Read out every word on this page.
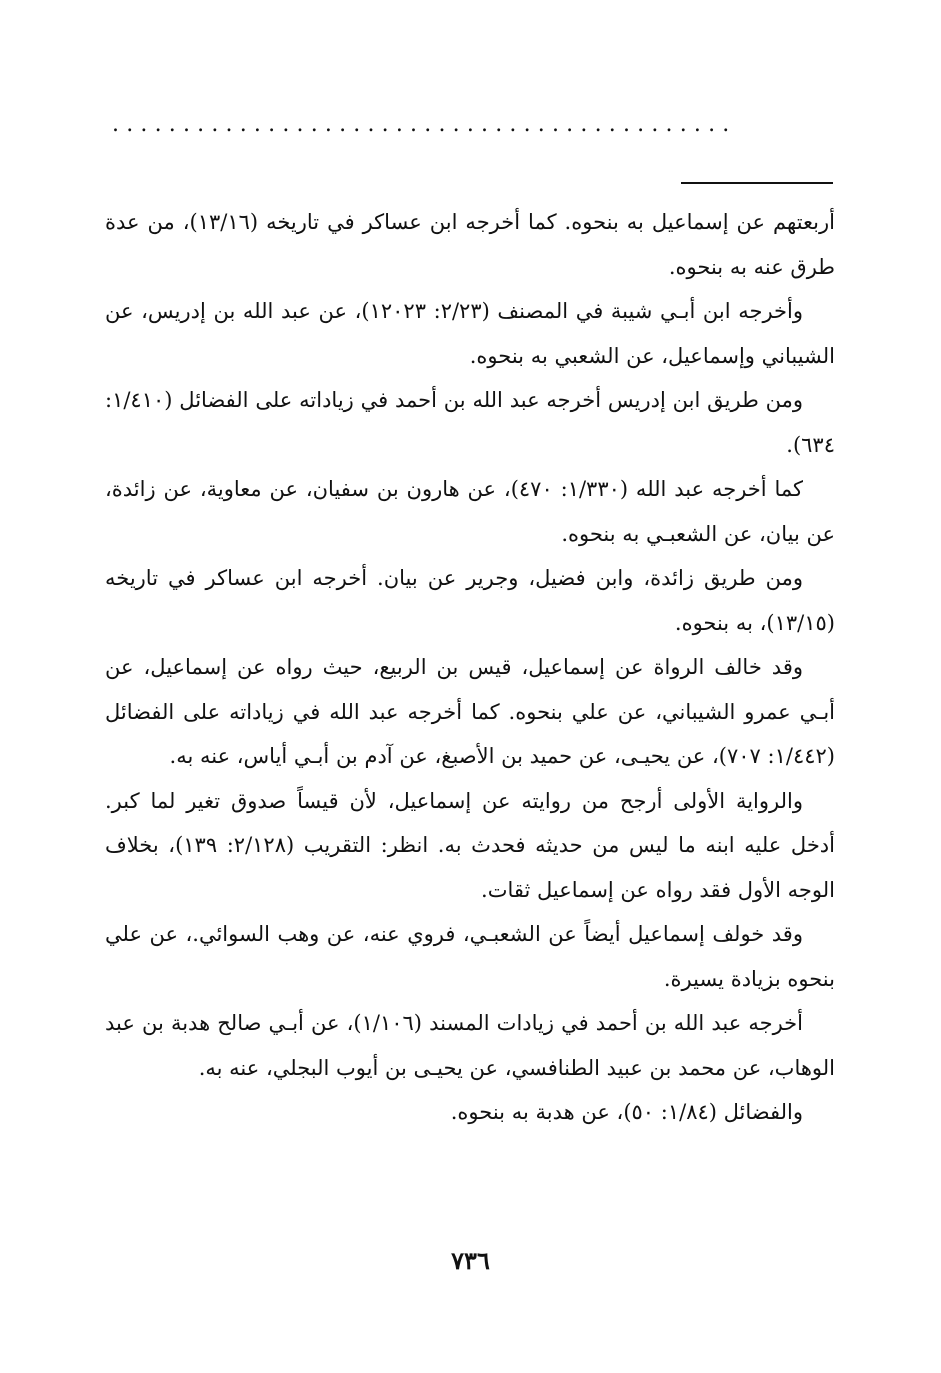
............................................

أربعتهم عن إسماعيل به بنحوه. كما أخرجه ابن عساكر في تاريخه (١٣/١٦)، من عدة طرق عنه به بنحوه.

وأخرجه ابن أبـي شيبة في المصنف (٢/٢٣: ١٢٠٢٣)، عن عبد الله بن إدريس، عن الشيباني وإسماعيل، عن الشعبي به بنحوه.

ومن طريق ابن إدريس أخرجه عبد الله بن أحمد في زياداته على الفضائل (١/٤١٠: ٦٣٤).

كما أخرجه عبد الله (١/٣٣٠: ٤٧٠)، عن هارون بن سفيان، عن معاوية، عن زائدة، عن بيان، عن الشعبـي به بنحوه.

ومن طريق زائدة، وابن فضيل، وجرير عن بيان. أخرجه ابن عساكر في تاريخه (١٣/١٥)، به بنحوه.

وقد خالف الرواة عن إسماعيل، قيس بن الربيع، حيث رواه عن إسماعيل، عن أبـي عمرو الشيباني، عن علي بنحوه. كما أخرجه عبد الله في زياداته على الفضائل (١/٤٤٢: ٧٠٧)، عن يحيـى، عن حميد بن الأصبغ، عن آدم بن أبـي أياس، عنه به.

والرواية الأولى أرجح من روايته عن إسماعيل، لأن قيساً صدوق تغير لما كبر. أدخل عليه ابنه ما ليس من حديثه فحدث به. انظر: التقريب (٢/١٢٨: ١٣٩)، بخلاف الوجه الأول فقد رواه عن إسماعيل ثقات.

وقد خولف إسماعيل أيضاً عن الشعبـي، فروي عنه، عن وهب السوائي.، عن علي بنحوه بزيادة يسيرة.

أخرجه عبد الله بن أحمد في زيادات المسند (١/١٠٦)، عن أبـي صالح هدبة بن عبد الوهاب، عن محمد بن عبيد الطنافسي، عن يحيـى بن أيوب البجلي، عنه به.

والفضائل (١/٨٤: ٥٠)، عن هدبة به بنحوه.

٧٣٦
